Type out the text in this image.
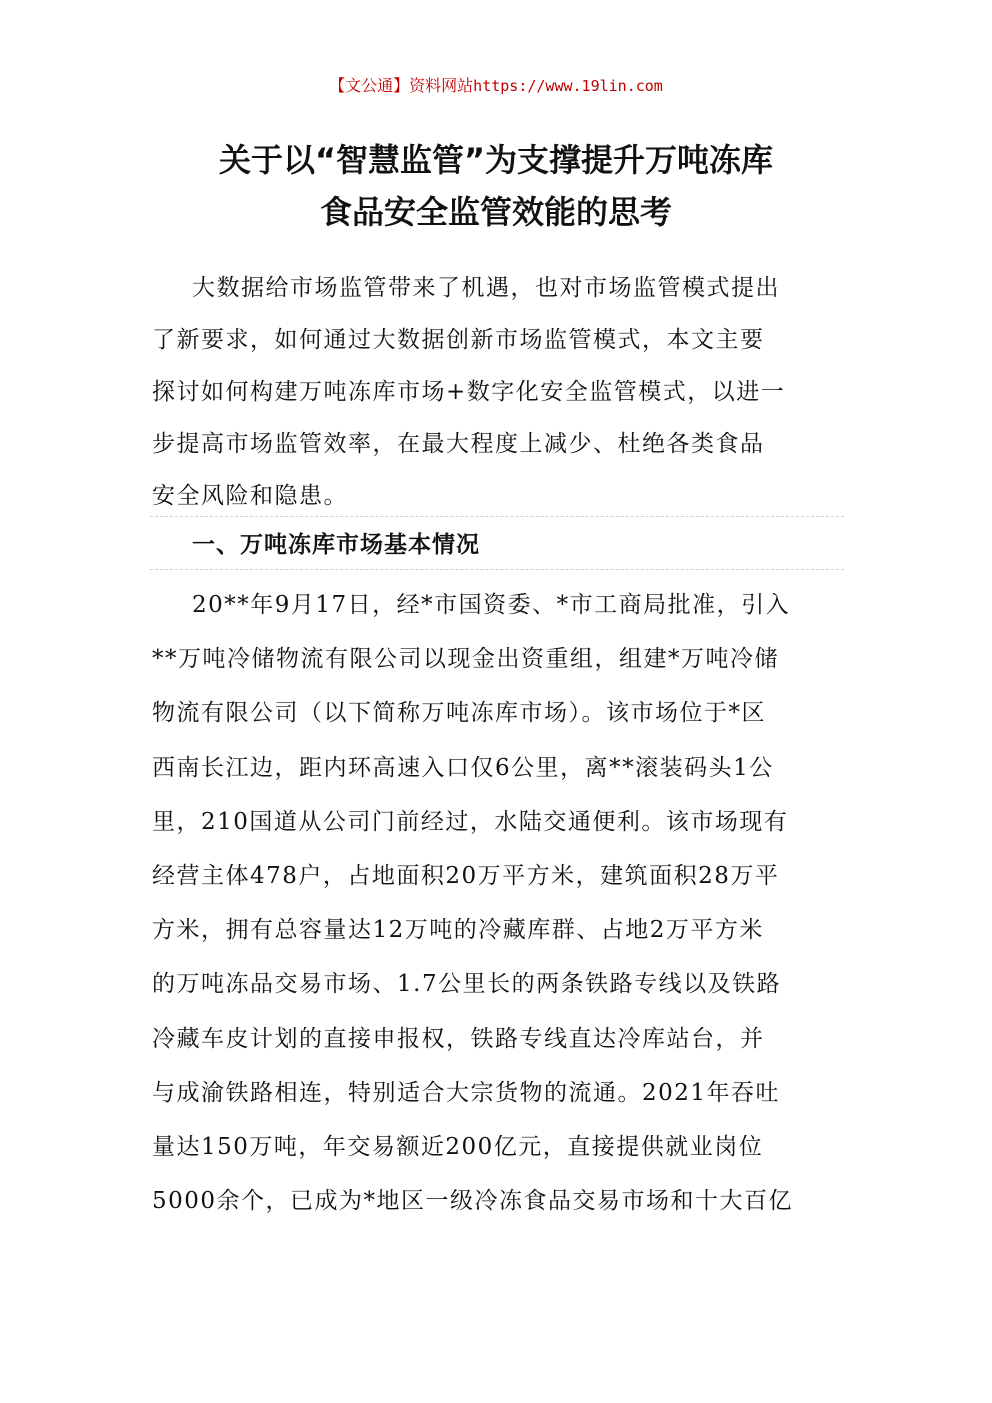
【文公通】资料网站https://www.19lin.com
关于以“智慧监管”为支撑提升万吨冻库
食品安全监管效能的思考
大数据给市场监管带来了机遇，也对市场监管模式提出
了新要求，如何通过大数据创新市场监管模式，本文主要
探讨如何构建万吨冻库市场+数字化安全监管模式，以进一
步提高市场监管效率，在最大程度上减少、杜绝各类食品
安全风险和隐患。
一、万吨冻库市场基本情况
20**年9月17日，经*市国资委、*市工商局批准，引入
**万吨冷储物流有限公司以现金出资重组，组建*万吨冷储
物流有限公司（以下简称万吨冻库市场）。该市场位于*区
西南长江边，距内环高速入口仅6公里，离**滚装码头1公
里，210国道从公司门前经过，水陆交通便利。该市场现有
经营主体478户，占地面积20万平方米，建筑面积28万平
方米，拥有总容量达12万吨的冷藏库群、占地2万平方米
的万吨冻品交易市场、1.7公里长的两条铁路专线以及铁路
冷藏车皮计划的直接申报权，铁路专线直达冷库站台，并
与成渝铁路相连，特别适合大宗货物的流通。2021年吞吐
量达150万吨，年交易额近200亿元，直接提供就业岗位
5000余个，已成为*地区一级冷冻食品交易市场和十大百亿
